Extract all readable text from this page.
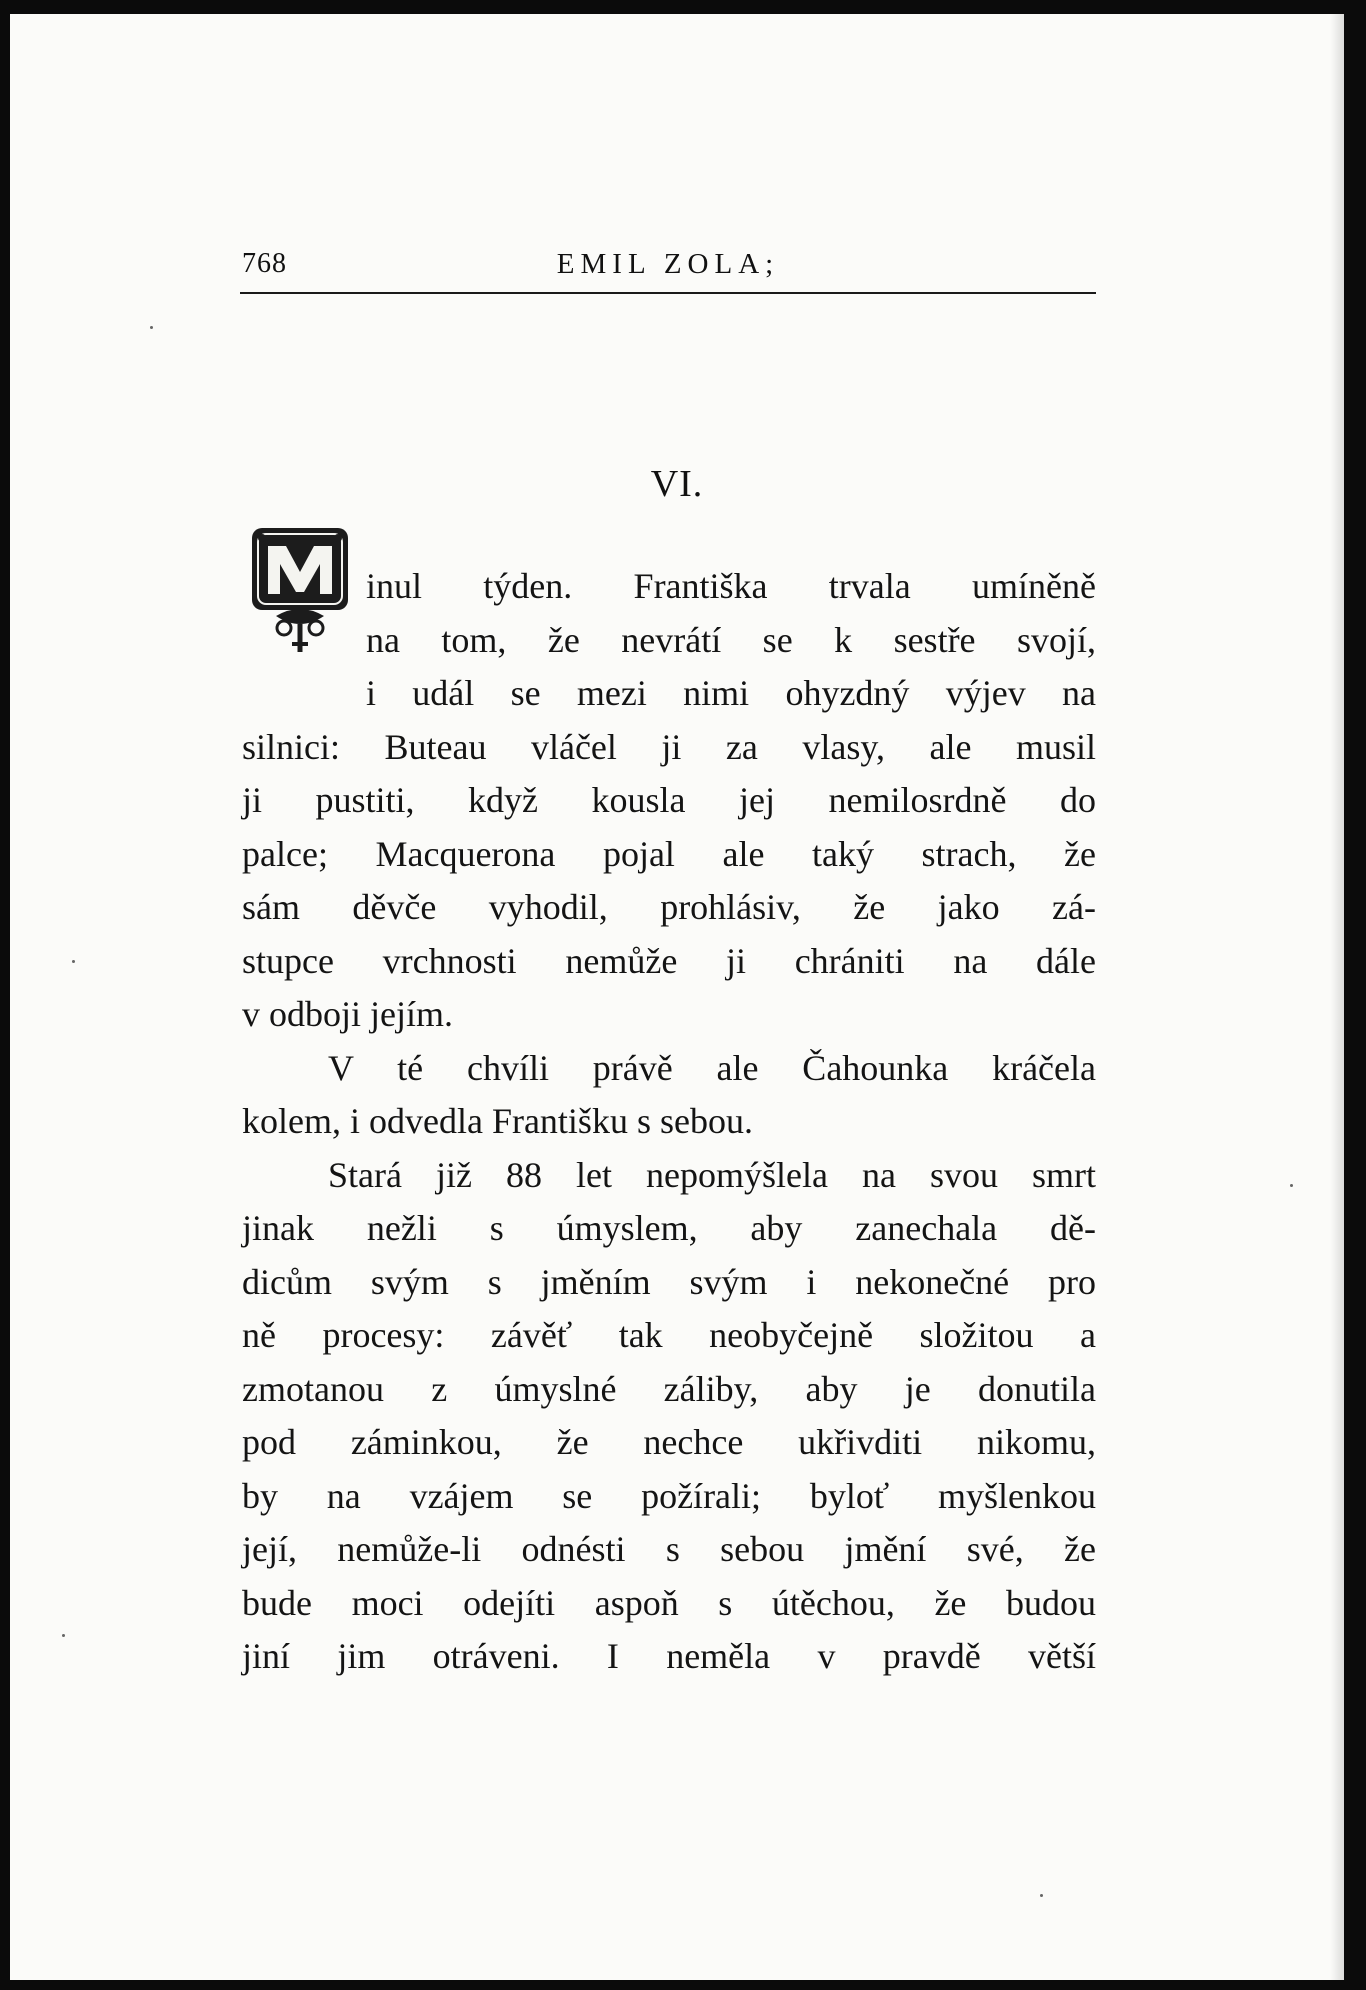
768	EMIL ZOLA;
VI.

inul týden. Františka trvala umíněně

na tom, že nevrátí se k sestře svojí,

i udál se mezi nimi ohyzdný výjev na

silnici: Buteau vláčel ji za vlasy, ale musil

ji pustiti, když kousla jej nemilosrdně do

palce; Macquerona pojal ale taký strach, že

sám děvče vyhodil, prohlásiv, že jako zá-

stupce vrchnosti nemůže ji chrániti na dále

v odboji jejím.

V té chvíli právě ale Čahounka kráčela

kolem, i odvedla Františku s sebou.

Stará již 88 let nepomýšlela na svou smrt

jinak nežli s úmyslem, aby zanechala dě-

dicům svým s jměním svým i nekonečné pro

ně procesy: závěť tak neobyčejně složitou a

zmotanou z úmyslné záliby, aby je donutila

pod záminkou, že nechce ukřivditi nikomu,

by na vzájem se požírali; byloť myšlenkou

její, nemůže-li odnésti s sebou jmění své, že

bude moci odejíti aspoň s útěchou, že budou

jiní jim otráveni. I neměla v pravdě větší
